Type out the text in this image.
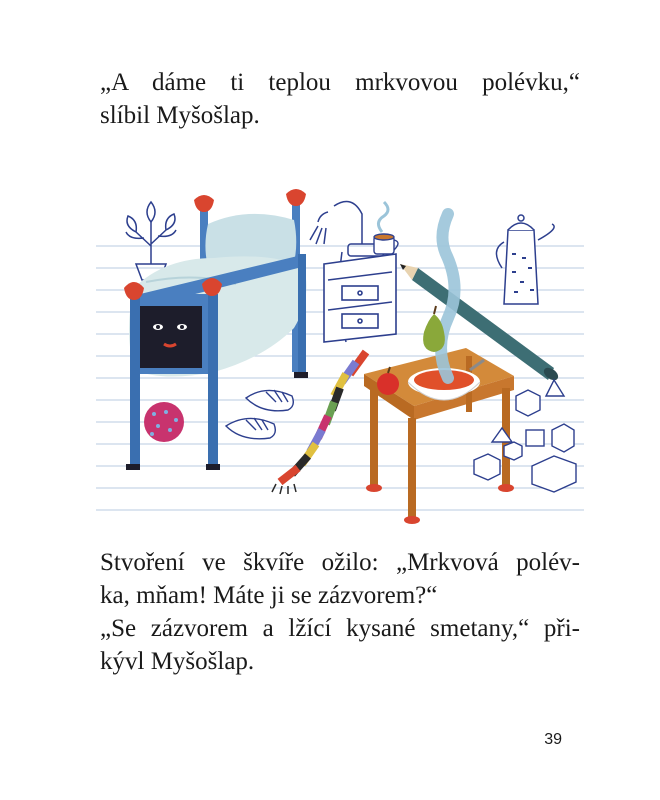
„A dáme ti teplou mrkvovou polévku,“
slíbil Myšošlap.
Stvoření ve škvíře ožilo: „Mrkvová polév-
ka, mňam! Máte ji se zázvorem?“
„Se zázvorem a lžící kysané smetany,“ při-
kývl Myšošlap.
39
